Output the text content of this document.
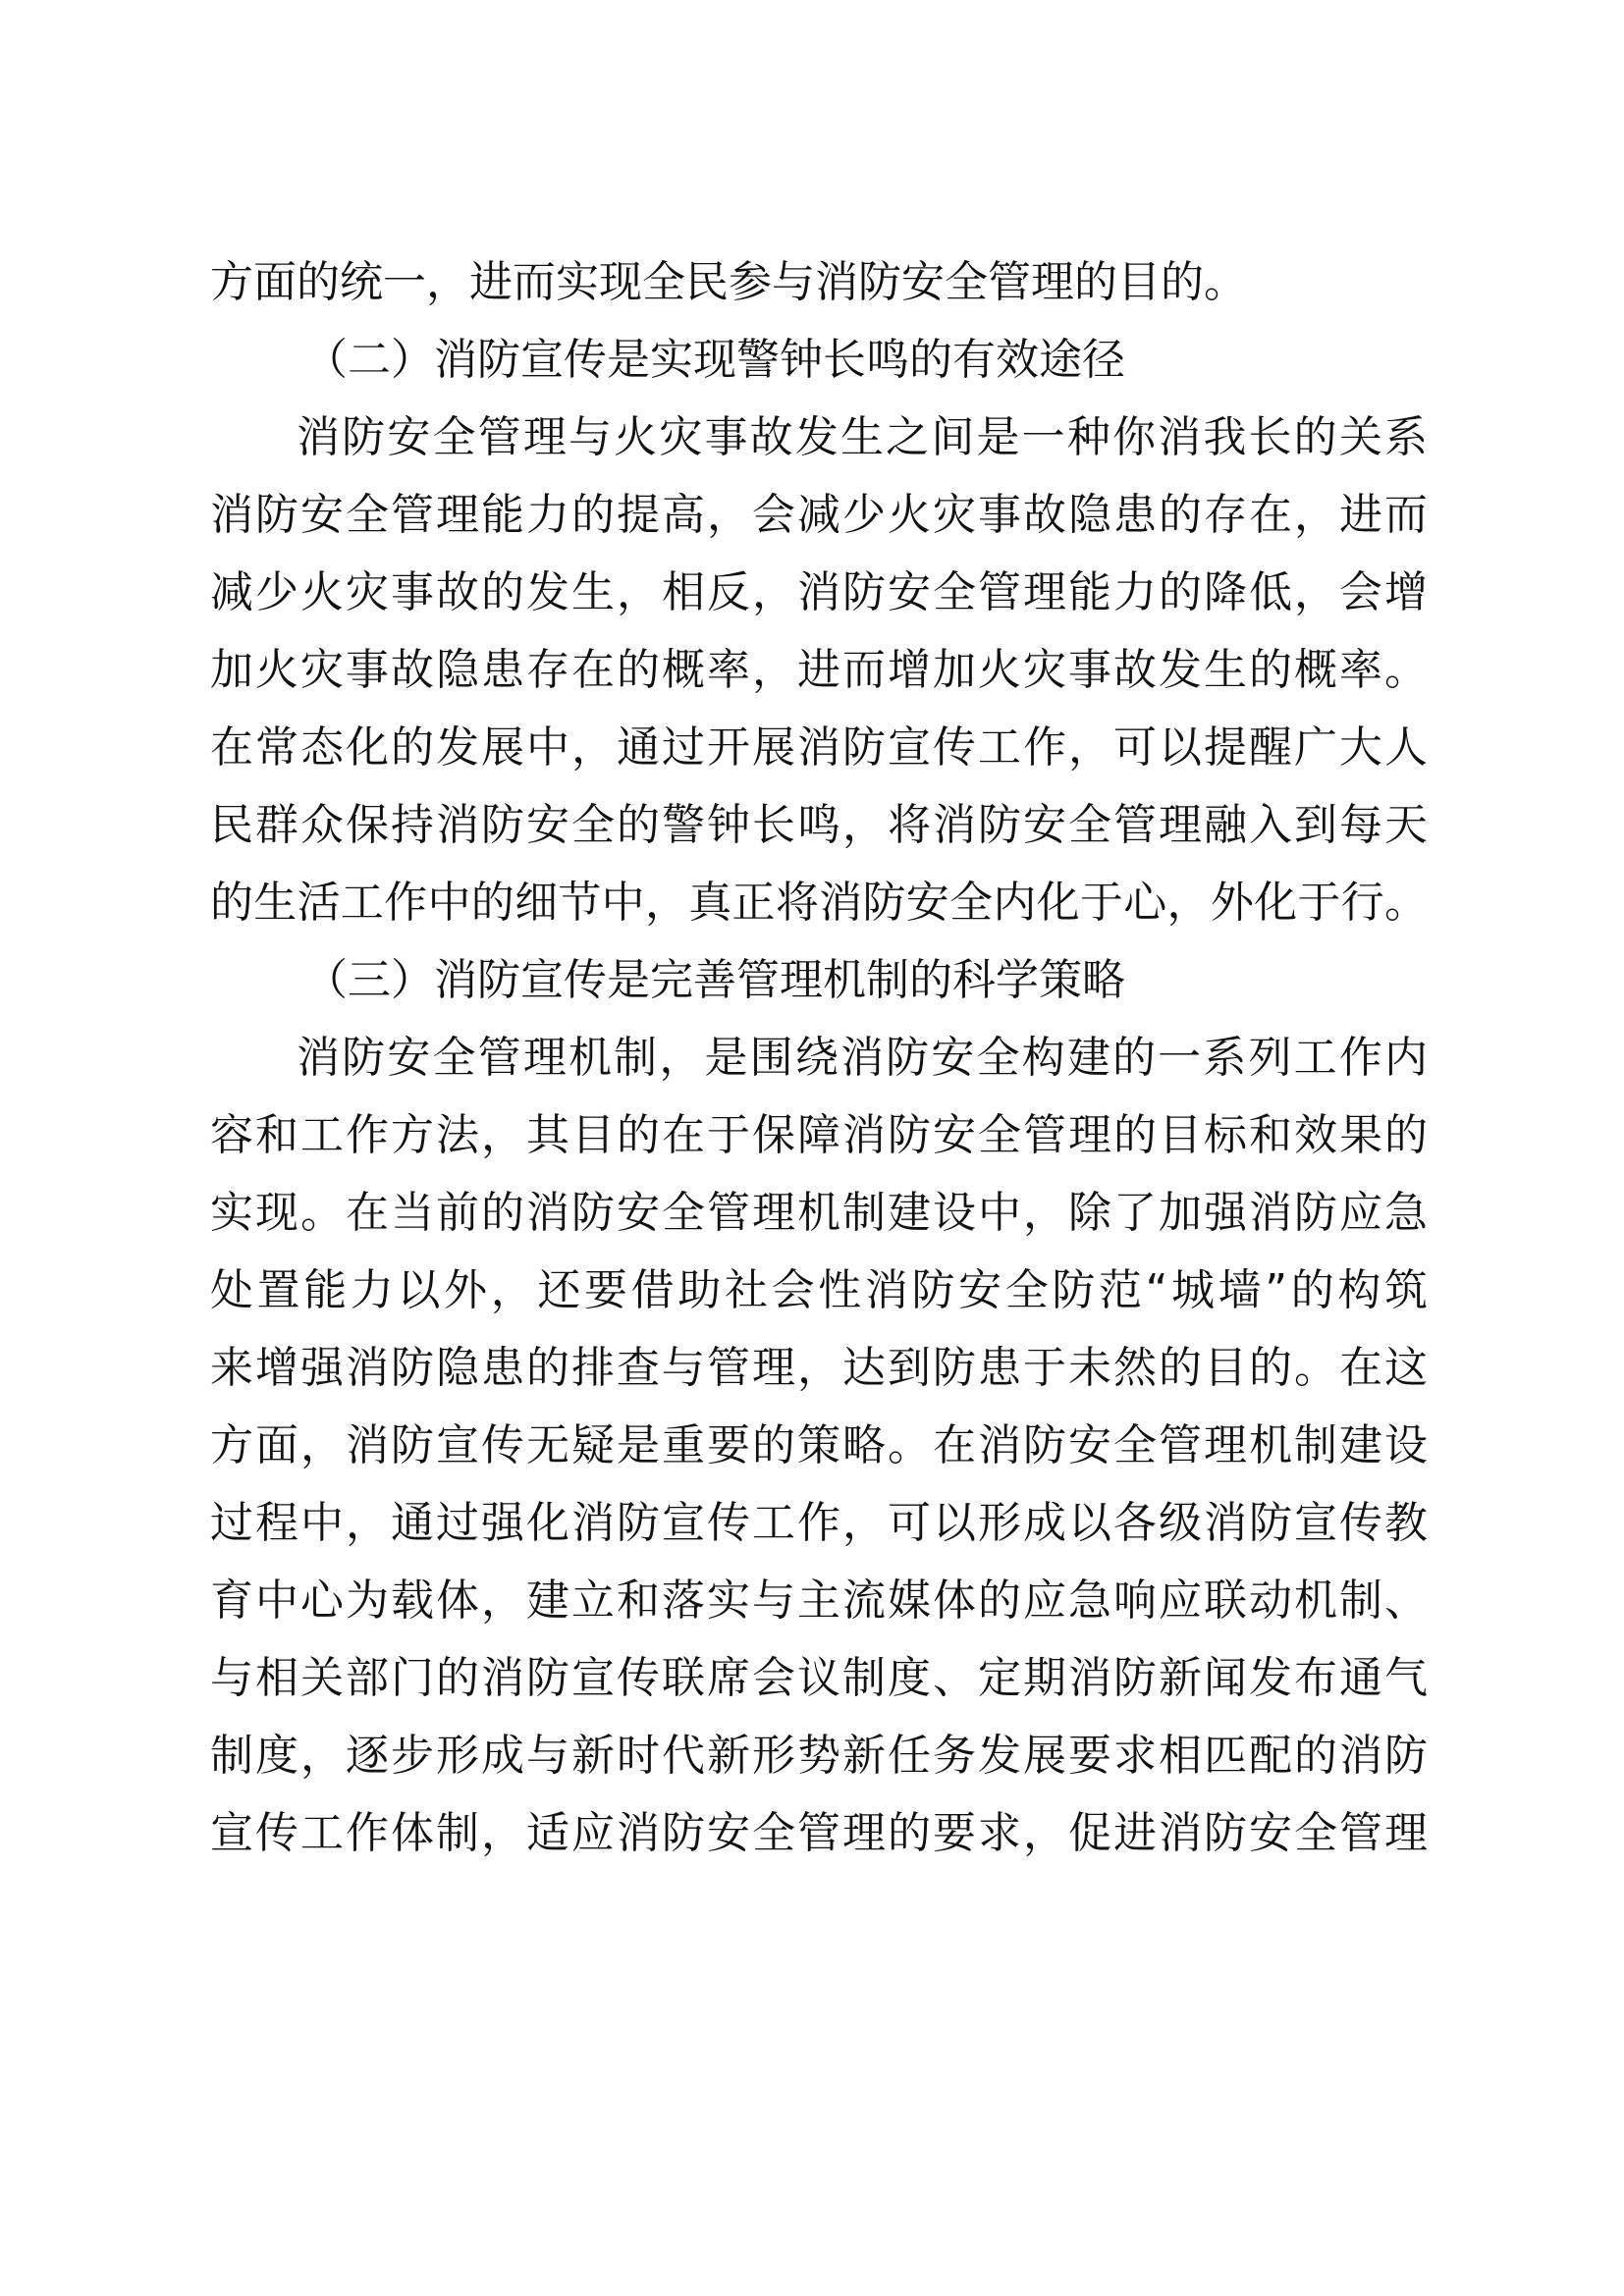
方面的统一，进而实现全民参与消防安全管理的目的。
（二）消防宣传是实现警钟长鸣的有效途径
消防安全管理与火灾事故发生之间是一种你消我长的关系
消防安全管理能力的提高，会减少火灾事故隐患的存在，进而
减少火灾事故的发生，相反，消防安全管理能力的降低，会增
加火灾事故隐患存在的概率，进而增加火灾事故发生的概率。
在常态化的发展中，通过开展消防宣传工作，可以提醒广大人
民群众保持消防安全的警钟长鸣，将消防安全管理融入到每天
的生活工作中的细节中，真正将消防安全内化于心，外化于行。
（三）消防宣传是完善管理机制的科学策略
消防安全管理机制，是围绕消防安全构建的一系列工作内
容和工作方法，其目的在于保障消防安全管理的目标和效果的
实现。在当前的消防安全管理机制建设中，除了加强消防应急
处置能力以外，还要借助社会性消防安全防范“城墙”的构筑
来增强消防隐患的排查与管理，达到防患于未然的目的。在这
方面，消防宣传无疑是重要的策略。在消防安全管理机制建设
过程中，通过强化消防宣传工作，可以形成以各级消防宣传教
育中心为载体，建立和落实与主流媒体的应急响应联动机制、
与相关部门的消防宣传联席会议制度、定期消防新闻发布通气
制度，逐步形成与新时代新形势新任务发展要求相匹配的消防
宣传工作体制，适应消防安全管理的要求，促进消防安全管理
